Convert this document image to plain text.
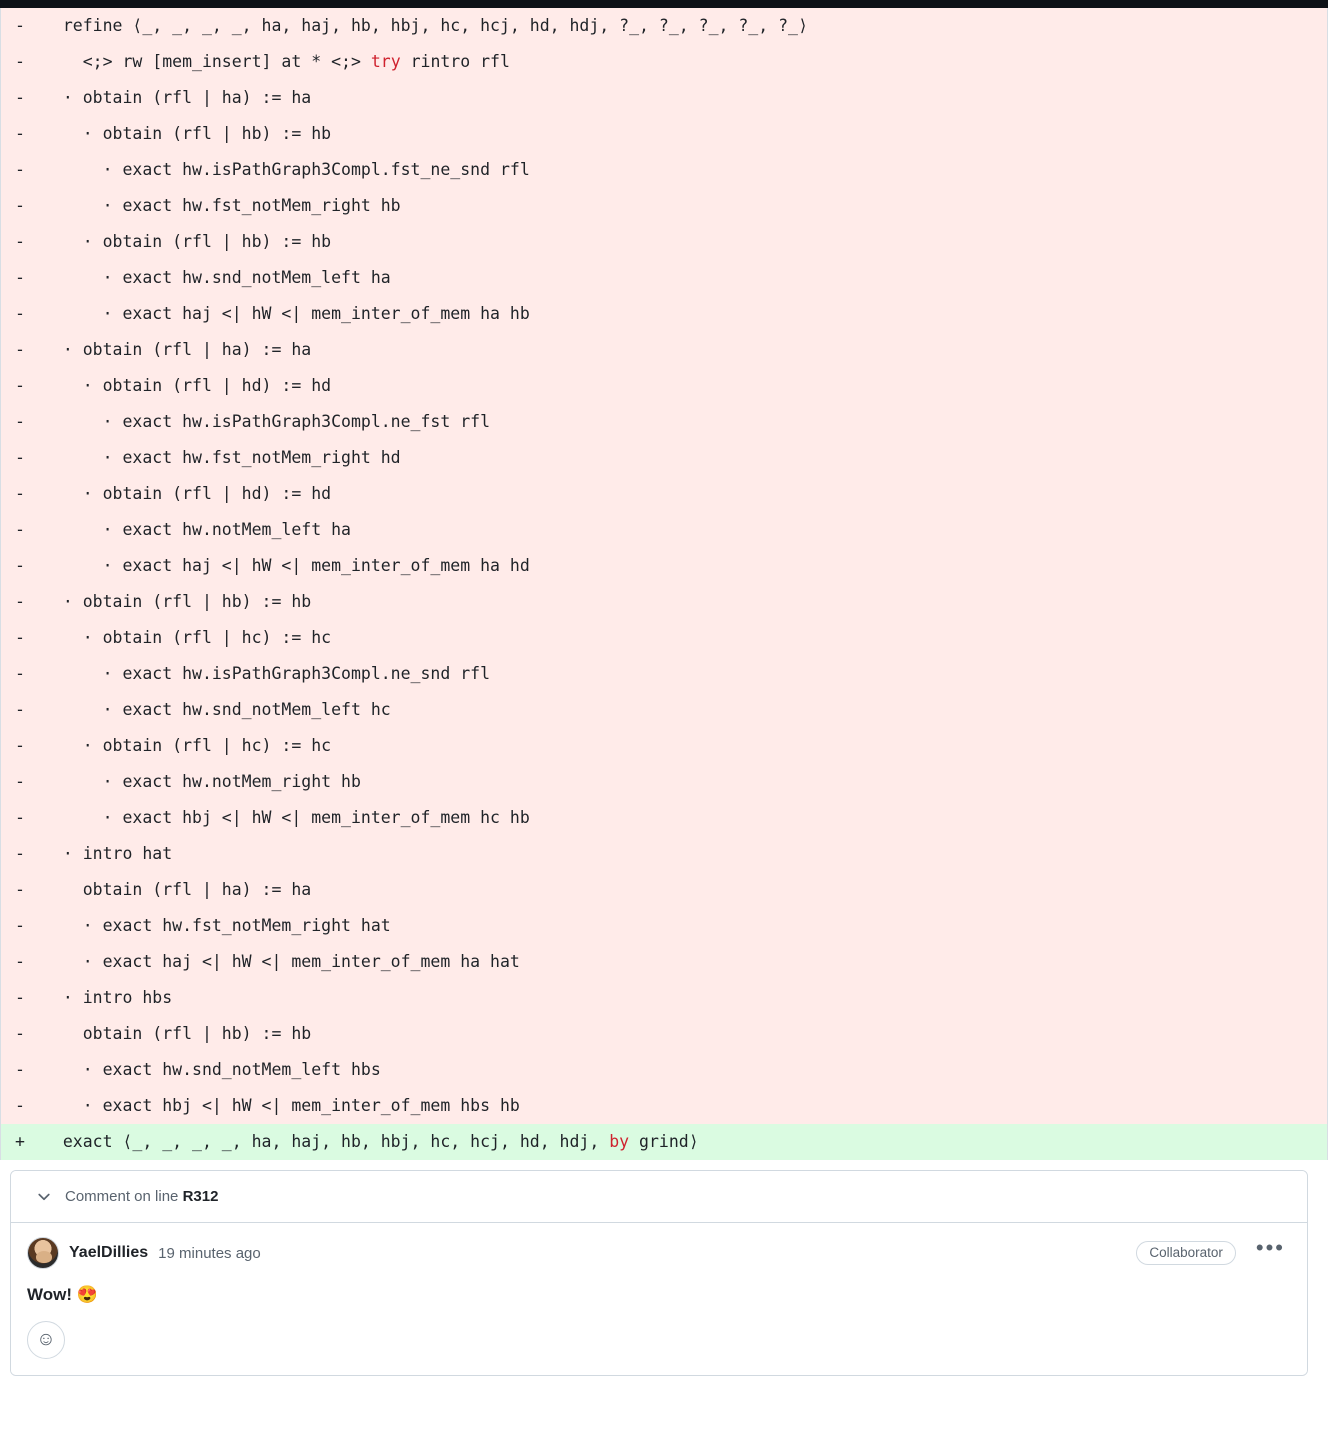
-	refine ⟨_, _, _, _, ha, haj, hb, hbj, hc, hcj, hd, hdj, ?_, ?_, ?_, ?_, ?_⟩
-	<;> rw [mem_insert] at * <;> try rintro rfl
-	· obtain (rfl | ha) := ha
-	· obtain (rfl | hb) := hb
-	· exact hw.isPathGraph3Compl.fst_ne_snd rfl
-	· exact hw.fst_notMem_right hb
-	· obtain (rfl | hb) := hb
-	· exact hw.snd_notMem_left ha
-	· exact haj <| hW <| mem_inter_of_mem ha hb
-	· obtain (rfl | ha) := ha
-	· obtain (rfl | hd) := hd
-	· exact hw.isPathGraph3Compl.ne_fst rfl
-	· exact hw.fst_notMem_right hd
-	· obtain (rfl | hd) := hd
-	· exact hw.notMem_left ha
-	· exact haj <| hW <| mem_inter_of_mem ha hd
-	· obtain (rfl | hb) := hb
-	· obtain (rfl | hc) := hc
-	· exact hw.isPathGraph3Compl.ne_snd rfl
-	· exact hw.snd_notMem_left hc
-	· obtain (rfl | hc) := hc
-	· exact hw.notMem_right hb
-	· exact hbj <| hW <| mem_inter_of_mem hc hb
-	· intro hat
-	obtain (rfl | ha) := ha
-	· exact hw.fst_notMem_right hat
-	· exact haj <| hW <| mem_inter_of_mem ha hat
-	· intro hbs
-	obtain (rfl | hb) := hb
-	· exact hw.snd_notMem_left hbs
-	· exact hbj <| hW <| mem_inter_of_mem hbs hb
+	exact ⟨_, _, _, _, ha, haj, hb, hbj, hc, hcj, hd, hdj, by grind⟩
Comment on line R312
YaelDillies 19 minutes ago	Collaborator	•••

Wow! 😍

☺
